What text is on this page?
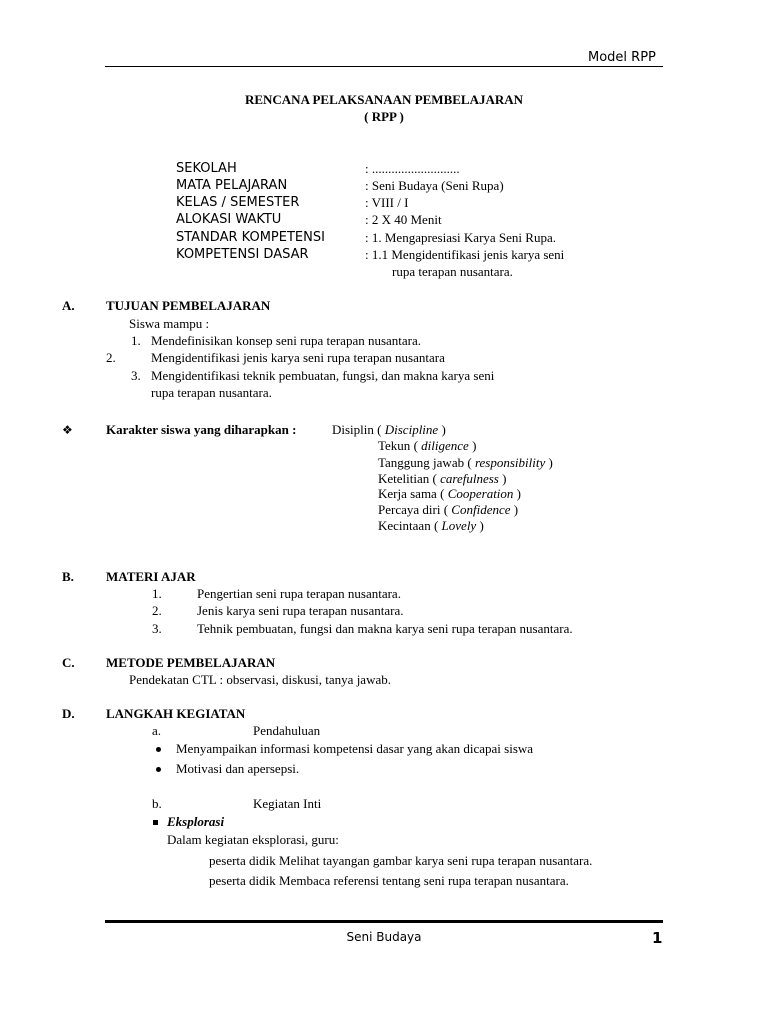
Model RPP
RENCANA PELAKSANAAN PEMBELAJARAN
( RPP )
SEKOLAH	: ...........................
MATA PELAJARAN	: Seni Budaya (Seni Rupa)
KELAS / SEMESTER	: VIII / I
ALOKASI WAKTU	: 2 X 40 Menit
STANDAR KOMPETENSI	: 1. Mengapresiasi Karya Seni Rupa.
KOMPETENSI DASAR	: 1.1 Mengidentifikasi jenis karya seni
rupa terapan nusantara.
A. TUJUAN PEMBELAJARAN
Siswa mampu :
1. Mendefinisikan konsep seni rupa terapan nusantara.
2.	Mengidentifikasi jenis karya seni rupa terapan nusantara
3. Mengidentifikasi teknik pembuatan, fungsi, dan makna karya seni
rupa terapan nusantara.
❖	Karakter siswa yang diharapkan :	Disiplin ( Discipline )
Tekun ( diligence )
Tanggung jawab ( responsibility )
Ketelitian ( carefulness )
Kerja sama ( Cooperation )
Percaya diri ( Confidence )
Kecintaan ( Lovely )
B. MATERI AJAR
1.	Pengertian seni rupa terapan nusantara.
2.	Jenis karya seni rupa terapan nusantara.
3.	Tehnik pembuatan, fungsi dan makna karya seni rupa terapan nusantara.
C. METODE PEMBELAJARAN
Pendekatan CTL : observasi, diskusi, tanya jawab.
D. LANGKAH KEGIATAN
a.	Pendahuluan
Menyampaikan informasi kompetensi dasar yang akan dicapai siswa
Motivasi dan apersepsi.
b.	Kegiatan Inti
Eksplorasi
Dalam kegiatan eksplorasi, guru:
peserta didik Melihat tayangan gambar karya seni rupa terapan nusantara.
peserta didik Membaca referensi tentang seni rupa terapan nusantara.
Seni Budaya	1
